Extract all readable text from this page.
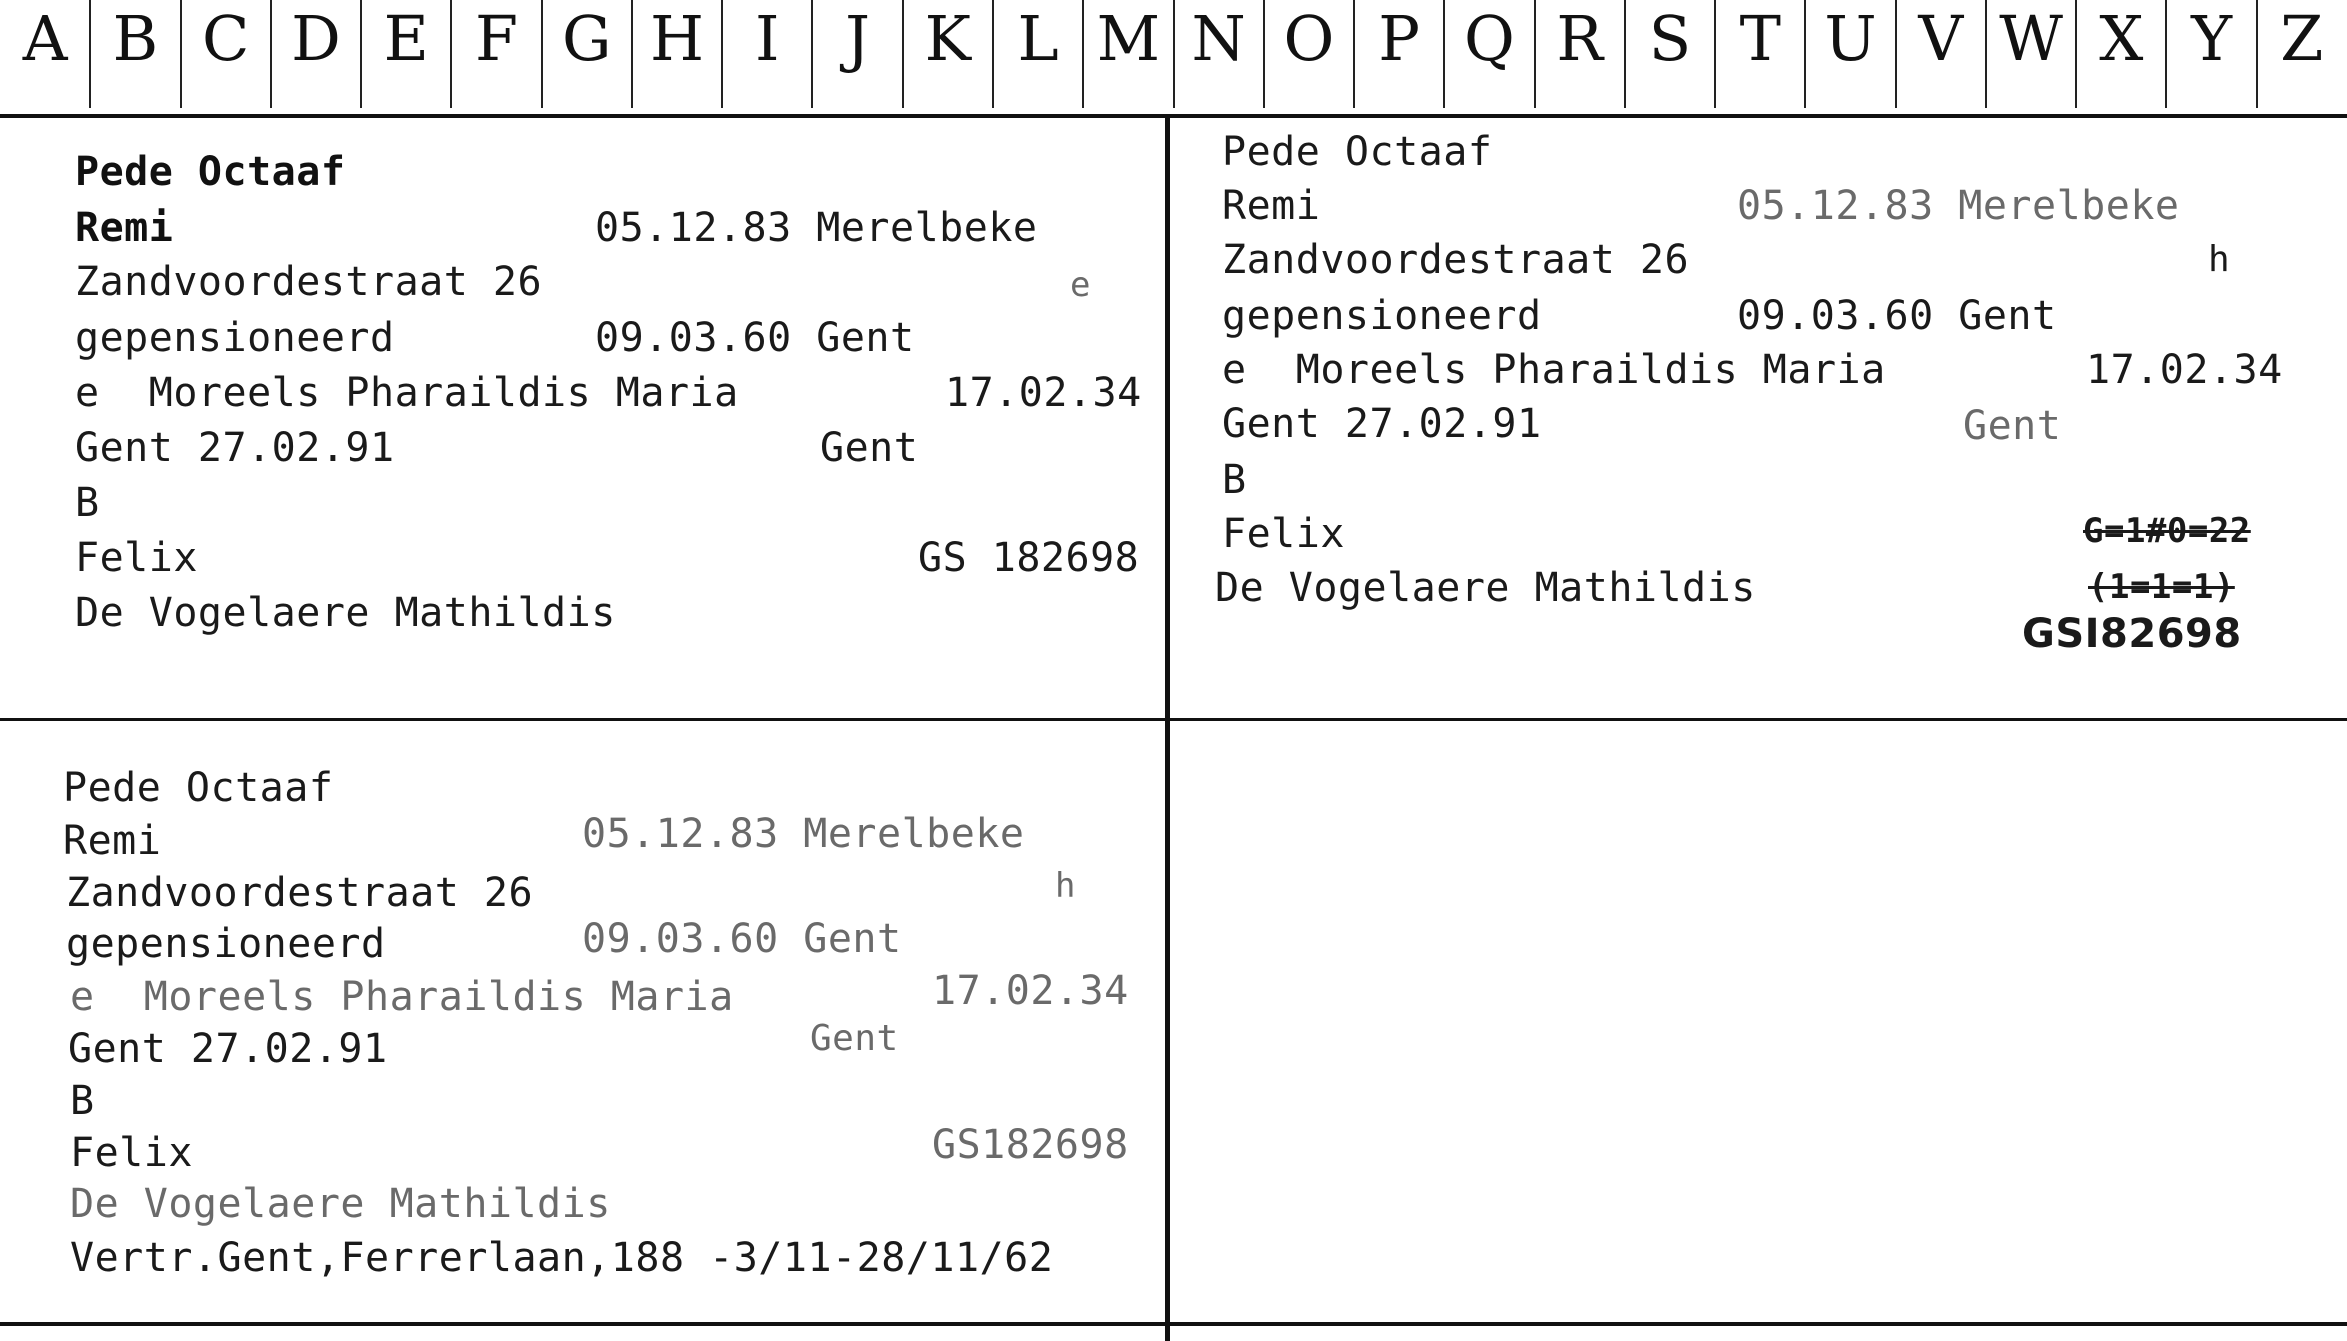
A B C D E F G H I J K L M N O P Q R S T U V W X Y Z
Pede Octaaf
Remi	05.12.83 Merelbeke
Zandvoordestraat 26	e
gepensioneerd	09.03.60 Gent
e  Moreels Pharaildis Maria	17.02.34
Gent 27.02.91	Gent
B
Felix	GS 182698
De Vogelaere Mathildis
Pede Octaaf
Remi	05.12.83 Merelbeke
Zandvoordestraat 26	h
gepensioneerd	09.03.60 Gent
e  Moreels Pharaildis Maria	17.02.34
Gent 27.02.91	Gent
B
Felix	G=1#0=22
De Vogelaere Mathildis	(1=1=1)
GSI82698
Pede Octaaf
Remi	05.12.83 Merelbeke
Zandvoordestraat 26	h
gepensioneerd	09.03.60 Gent
e  Moreels Pharaildis Maria	17.02.34
Gent 27.02.91	Gent
B
Felix	GS182698
De Vogelaere Mathildis
Vertr.Gent,Ferrerlaan,188 -3/11-28/11/62
